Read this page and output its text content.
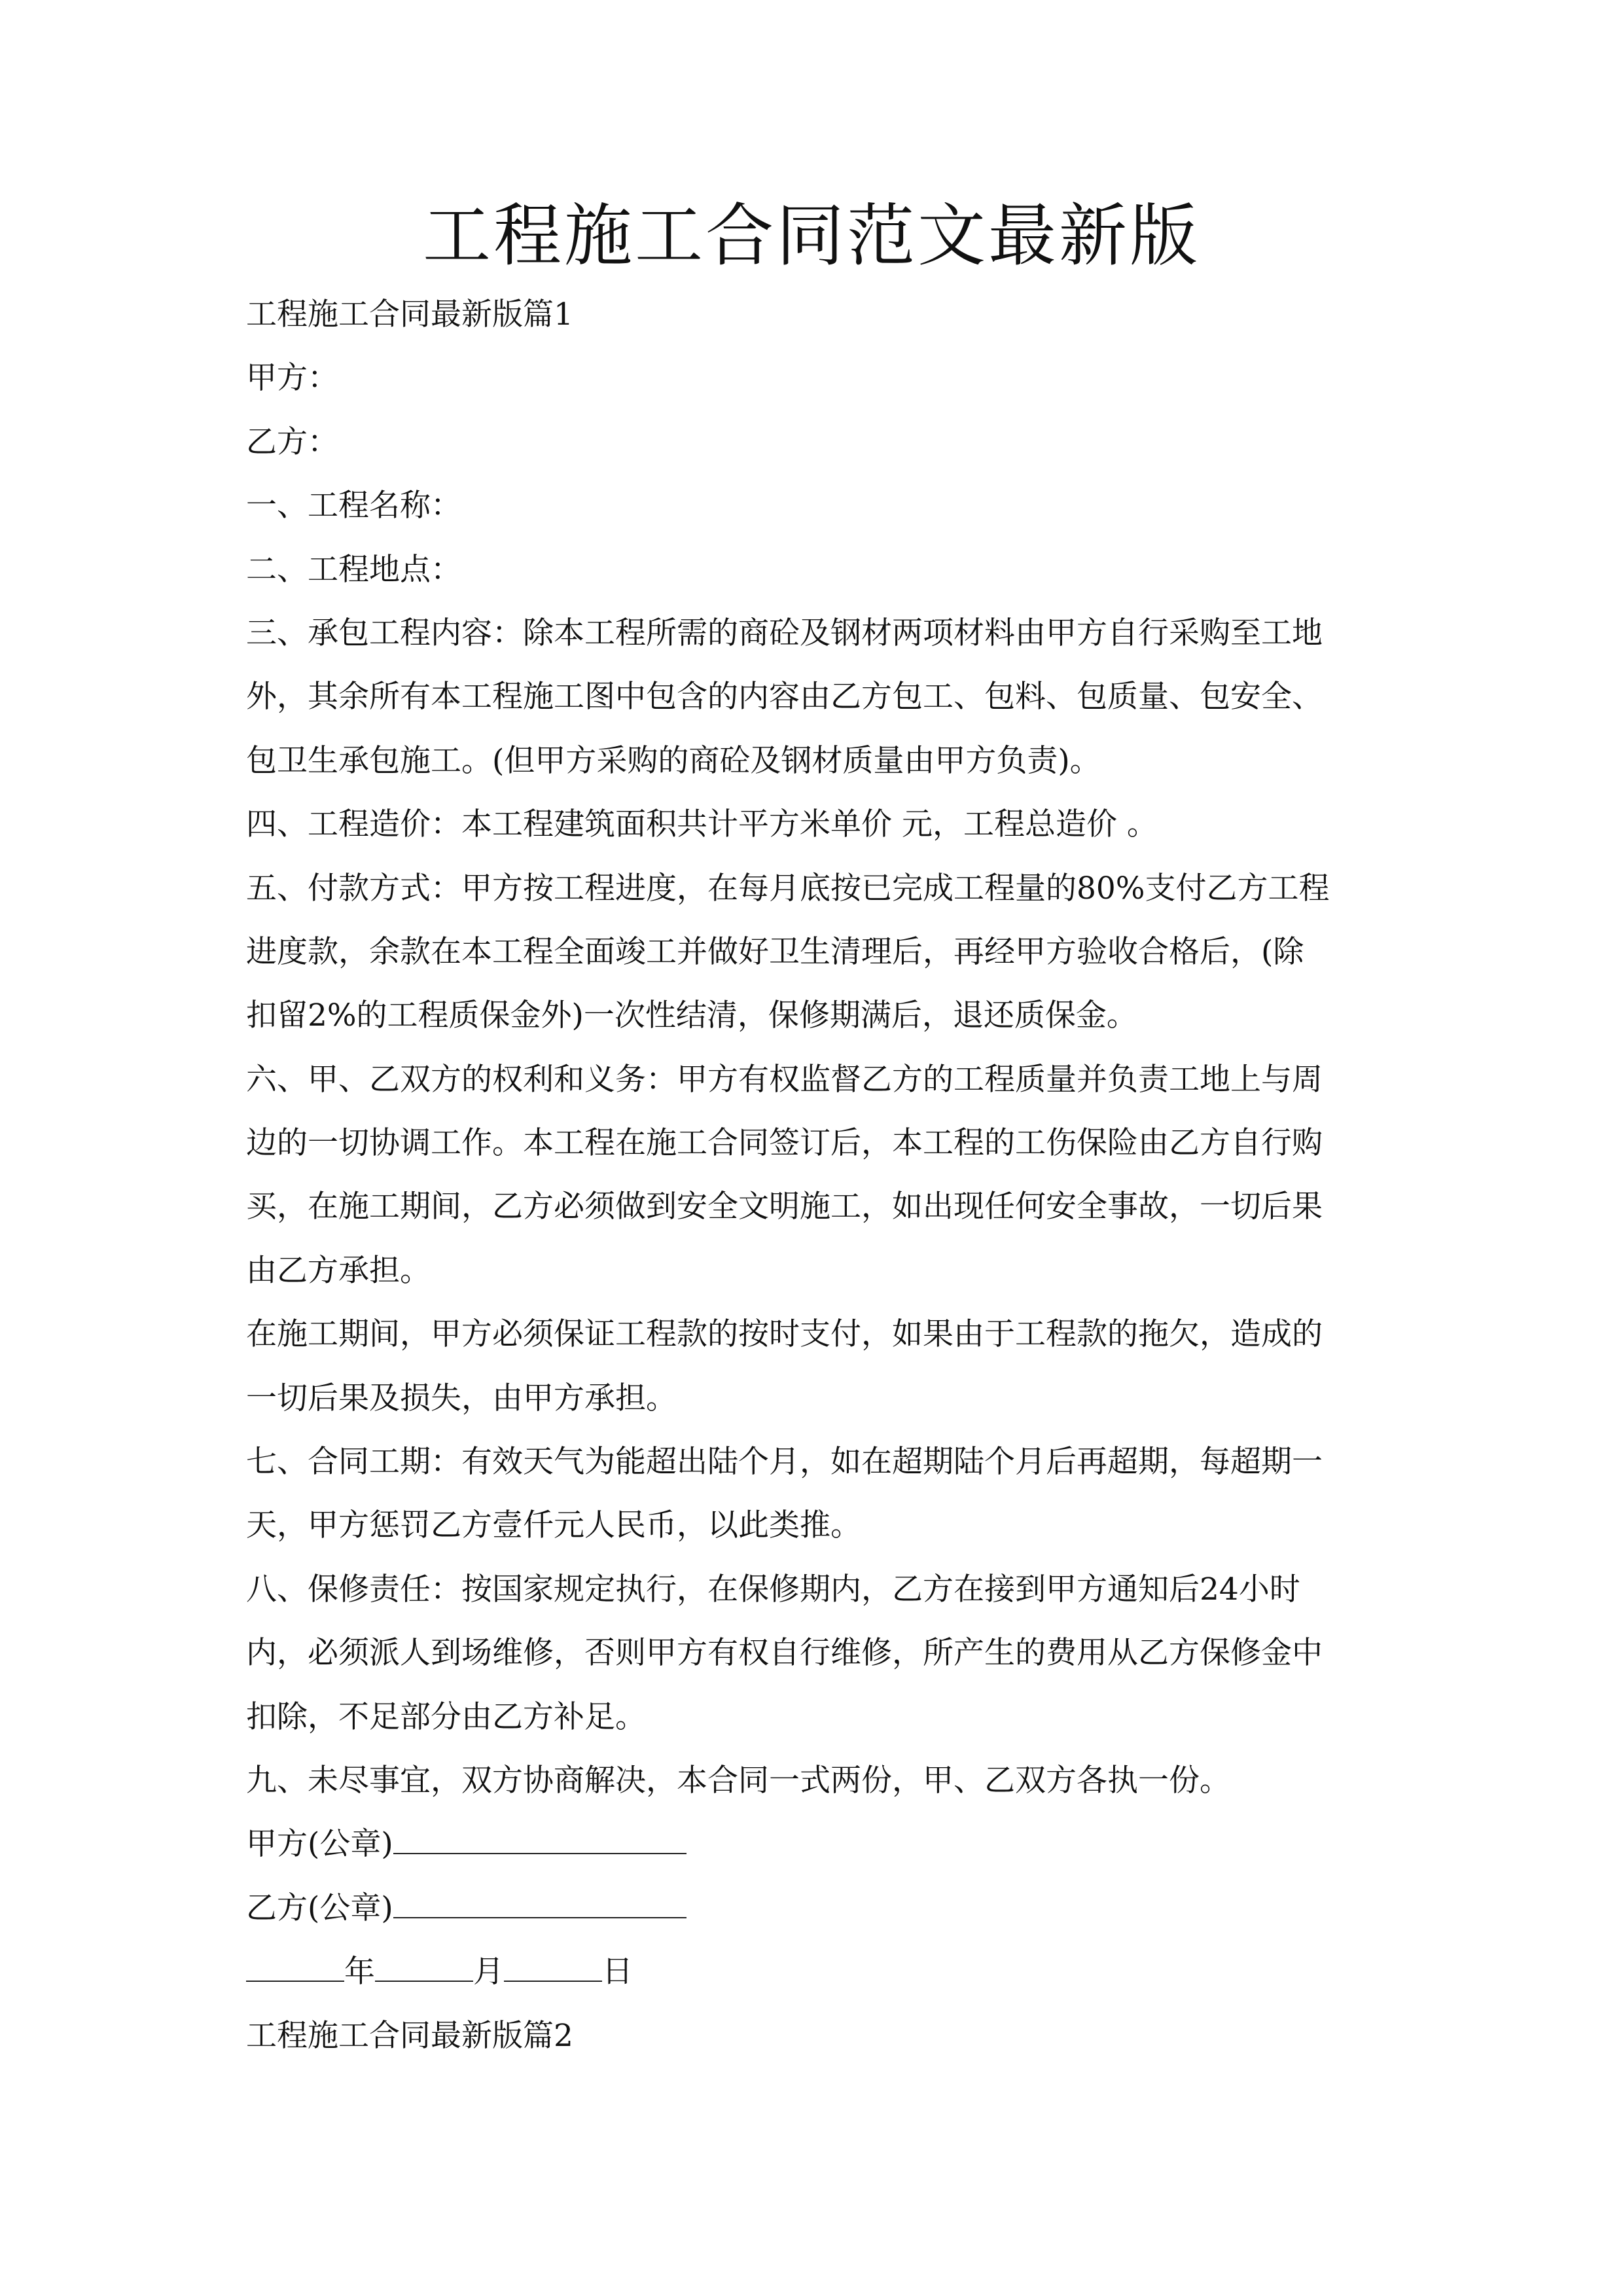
工程施工合同范文最新版
工程施工合同最新版篇1
甲方：
乙方：
一、工程名称：
二、工程地点：
三、承包工程内容：除本工程所需的商砼及钢材两项材料由甲方自行采购至工地
外，其余所有本工程施工图中包含的内容由乙方包工、包料、包质量、包安全、
包卫生承包施工。(但甲方采购的商砼及钢材质量由甲方负责)。
四、工程造价：本工程建筑面积共计平方米单价 元，工程总造价 。
五、付款方式：甲方按工程进度，在每月底按已完成工程量的80%支付乙方工程
进度款，余款在本工程全面竣工并做好卫生清理后，再经甲方验收合格后，(除
扣留2%的工程质保金外)一次性结清，保修期满后，退还质保金。
六、甲、乙双方的权利和义务：甲方有权监督乙方的工程质量并负责工地上与周
边的一切协调工作。本工程在施工合同签订后，本工程的工伤保险由乙方自行购
买，在施工期间，乙方必须做到安全文明施工，如出现任何安全事故，一切后果
由乙方承担。
在施工期间，甲方必须保证工程款的按时支付，如果由于工程款的拖欠，造成的
一切后果及损失，由甲方承担。
七、合同工期：有效天气为能超出陆个月，如在超期陆个月后再超期，每超期一
天，甲方惩罚乙方壹仟元人民币，以此类推。
八、保修责任：按国家规定执行，在保修期内，乙方在接到甲方通知后24小时
内，必须派人到场维修，否则甲方有权自行维修，所产生的费用从乙方保修金中
扣除，不足部分由乙方补足。
九、未尽事宜，双方协商解决，本合同一式两份，甲、乙双方各执一份。
甲方(公章)
乙方(公章)
年	月	日
工程施工合同最新版篇2
